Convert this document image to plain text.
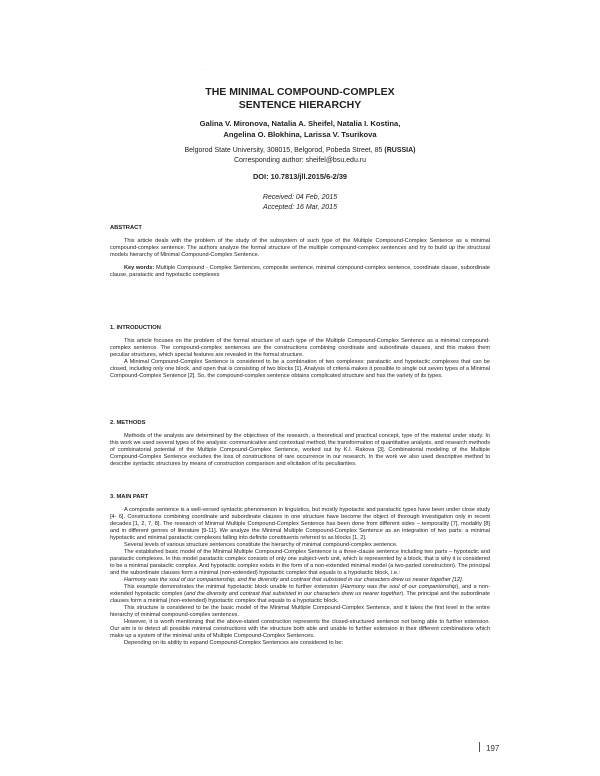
. . .
THE MINIMAL COMPOUND-COMPLEX
SENTENCE HIERARCHY
Galina V. Mironova, Natalia A. Sheifel, Natalia I. Kostina,
Angelina O. Blokhina, Larissa V. Tsurikova
Belgorod State University, 308015, Belgorod, Pobeda Street, 85 (RUSSIA)
Corresponding author: sheifel@bsu.edu.ru
DOI: 10.7813/jll.2015/6-2/39
Received: 04 Feb, 2015
Accepted: 16 Mar, 2015
ABSTRACT

This article deals with the problem of the study of the subsystem of such type of the Multiple Compound-Complex Sentence as a minimal compound-complex sentence. The authors analyze the formal structure of the multiple compound-complex sentences and try to build up the structural models hierarchy of Minimal Compound-Complex Sentence.

Key words: Multiple Compound - Complex Sentences, composite sentence, minimal compound-complex sentence, coordinate clause, subordinate clause, paratactic and hypotactic complexes

1. INTRODUCTION

This article focuses on the problem of the formal structure of such type of the Multiple Compound-Complex Sentence as a minimal compound-complex sentence. The compound-complex sentences are the constructions combining coordinate and subordinate clauses, and this makes them peculiar structures, which special features are revealed in the formal structure.

A Minimal Compound-Complex Sentence is considered to be a combination of two complexes: paratactic and hypotactic complexes that can be closed, including only one block, and open that is consisting of two blocks [1]. Analysis of criteria makes it possible to single out seven types of a Minimal Compound-Complex Sentence [2]. So, the compound-complex sentence obtains complicated structure and has the variety of its types.

2. METHODS

Methods of the analysis are determined by the objectives of the research, a theoretical and practical concept, type of the material under study. In this work we used several types of the analysis: communicative and contextual method, the transformation of quantitative analysis, and research methods of combinatorial potential of the Multiple Compound-Complex Sentence, worked out by K.I. Rakova [3]. Combinatorial modeling of the Multiple Compound-Complex Sentence excludes the loss of constructions of rare occurrence in our research. In the work we also used descriptive method to describe syntactic structures by means of construction comparison and elicitation of its peculiarities.

3. MAIN PART

A composite sentence is a well-versed syntactic phenomenon in linguistics, but mostly hypotactic and paratactic types have been under close study [4- 6]. Constructions combining coordinate and subordinate clauses in one structure have become the object of thorough investigation only in recent decades [1, 2, 7, 8]. The research of Minimal Multiple Compound-Complex Sentence has been done from different sides – temporality [7], modality [8] and in different genres of literature [9-11]. We analyze the Minimal Multiple Compound-Complex Sentence as an integration of two parts: a minimal hypotactic and minimal paratactic complexes falling into definite constituents referred to as blocks [1, 2].

Several levels of various structure sentences constitute the hierarchy of minimal compound-complex sentence.

The established basic model of the Minimal Multiple Compound-Complex Sentence is a three-clause sentence including two parts – hypotactic and paratactic complexes. In this model paratactic complex consists of only one subject-verb unit, which is represented by a block, that is why it is considered to be a minimal paratactic complex. And hypotactic complex exists in the form of a non-extended minimal model (a two-parted construction). The principal and the subordinate clauses form a minimal (non-extended) hypotactic complex that equals to a hypotactic block, i.e.:

Harmony was the soul of our companionship, and the diversity and contrast that subsisted in our characters drew us nearer together [12].

This example demonstrates the minimal hypotactic block unable to further extension (Harmony was the soul of our companionship), and a non-extended hypotactic complex (and the diversity and contrast that subsisted in our characters drew us nearer together). The principal and the subordinate clauses form a minimal (non-extended) hypotactic complex that equals to a hypotactic block.

This structure is considered to be the basic model of the Minimal Multiple Compound-Complex Sentence, and it takes the first level in the entire hierarchy of minimal compound-complex sentences.

However, it is worth mentioning that the above-stated construction represents the closed-structured sentence not being able to further extension. Our aim is to detect all possible minimal constructions with the structure both able and unable to further extension in their different combinations which make up a system of the minimal units of Multiple Compound-Complex Sentences.

Depending on its ability to expand Compound-Complex Sentences are considered to be:

197
